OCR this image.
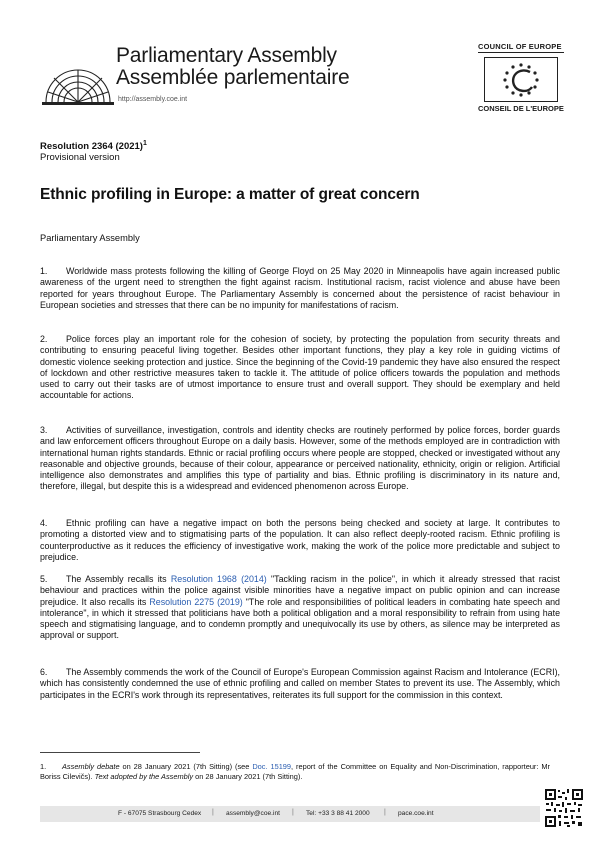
Parliamentary Assembly
Assemblée parlementaire
http://assembly.coe.int
COUNCIL OF EUROPE
CONSEIL DE L'EUROPE
Resolution 2364 $(2021)^1$
Provisional version
Ethnic profiling in Europe: a matter of great concern
Parliamentary Assembly

1. Worldwide mass protests following the killing of George Floyd on 25 May 2020 in Minneapolis have again increased public awareness of the urgent need to strengthen the fight against racism. Institutional racism, racist violence and abuse have been reported for years throughout Europe. The Parliamentary Assembly is concerned about the persistence of racist behaviour in European societies and stresses that there can be no impunity for manifestations of racism.

2. Police forces play an important role for the cohesion of society, by protecting the population from security threats and contributing to ensuring peaceful living together. Besides other important functions, they play a key role in guiding victims of domestic violence seeking protection and justice. Since the beginning of the Covid-19 pandemic they have also ensured the respect of lockdown and other restrictive measures taken to tackle it. The attitude of police officers towards the population and methods used to carry out their tasks are of utmost importance to ensure trust and overall support. They should be exemplary and held accountable for actions.

3. Activities of surveillance, investigation, controls and identity checks are routinely performed by police forces, border guards and law enforcement officers throughout Europe on a daily basis. However, some of the methods employed are in contradiction with international human rights standards. Ethnic or racial profiling occurs where people are stopped, checked or investigated without any reasonable and objective grounds, because of their colour, appearance or perceived nationality, ethnicity, origin or religion. Artificial intelligence also demonstrates and amplifies this type of partiality and bias. Ethnic profiling is discriminatory in its nature and, therefore, illegal, but despite this is a widespread and evidenced phenomenon across Europe.

4. Ethnic profiling can have a negative impact on both the persons being checked and society at large. It contributes to promoting a distorted view and to stigmatising parts of the population. It can also reflect deeply-rooted racism. Ethnic profiling is counterproductive as it reduces the efficiency of investigative work, making the work of the police more predictable and subject to prejudice.

5. The Assembly recalls its Resolution 1968 (2014) "Tackling racism in the police", in which it already stressed that racist behaviour and practices within the police against visible minorities have a negative impact on public opinion and can increase prejudice. It also recalls its Resolution 2275 (2019) "The role and responsibilities of political leaders in combating hate speech and intolerance", in which it stressed that politicians have both a political obligation and a moral responsibility to refrain from using hate speech and stigmatising language, and to condemn promptly and unequivocally its use by others, as silence may be interpreted as approval or support.

6. The Assembly commends the work of the Council of Europe's European Commission against Racism and Intolerance (ECRI), which has consistently condemned the use of ethnic profiling and called on member States to prevent its use. The Assembly, which participates in the ECRI's work through its representatives, reiterates its full support for the commission in this context.

1. Assembly debate on 28 January 2021 (7th Sitting) (see Doc. 15199, report of the Committee on Equality and Non-Discrimination, rapporteur: Mr Boriss Cilevičs). Text adopted by the Assembly on 28 January 2021 (7th Sitting).
F - 67075 Strasbourg Cedex | assembly@coe.int | Tel: +33 3 88 41 2000 | pace.coe.int
